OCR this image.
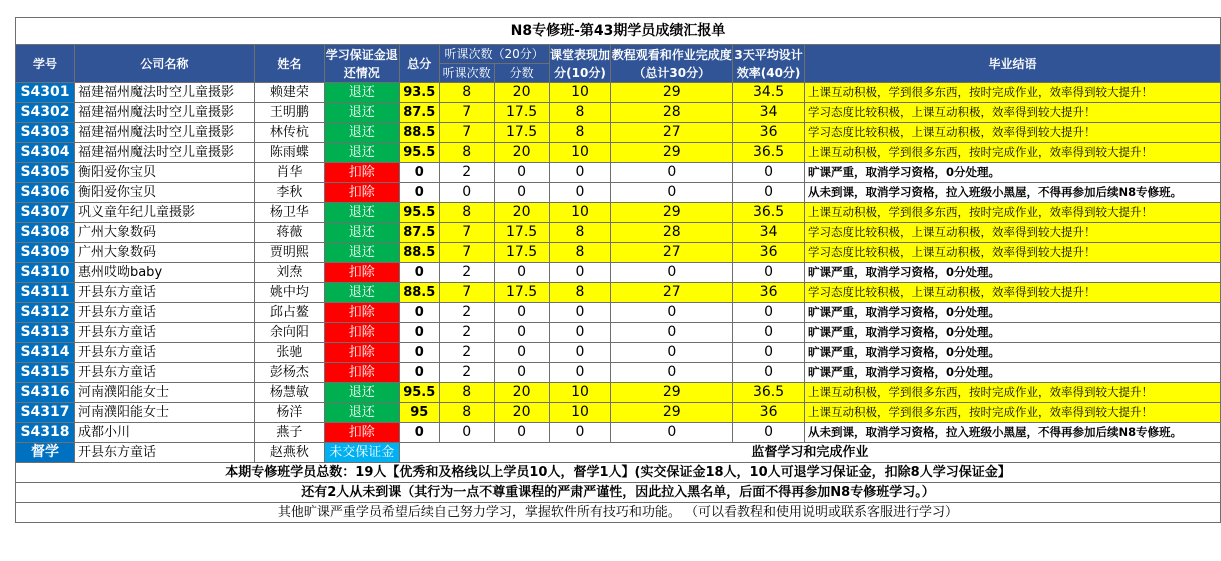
N8专修班-第43期学员成绩汇报单										
学号	公司名称	姓名	学习保证金退还情况	总分	听课次数（20分）		课堂表现加分(10分)	教程观看和作业完成度（总计30分）	3天平均设计效率(40分)	毕业结语
					听课次数	分数				
S4301	福建福州魔法时空儿童摄影	赖建荣	退还	93.5	8	20	10	29	34.5	上课互动积极，学到很多东西，按时完成作业，效率得到较大提升！
S4302	福建福州魔法时空儿童摄影	王明鹏	退还	87.5	7	17.5	8	28	34	学习态度比较积极，上课互动积极，效率得到较大提升！
S4303	福建福州魔法时空儿童摄影	林传杭	退还	88.5	7	17.5	8	27	36	学习态度比较积极，上课互动积极，效率得到较大提升！
S4304	福建福州魔法时空儿童摄影	陈雨蝶	退还	95.5	8	20	10	29	36.5	上课互动积极，学到很多东西，按时完成作业，效率得到较大提升！
S4305	衡阳爱你宝贝	肖华	扣除	0	2	0	0	0	0	旷课严重，取消学习资格，0分处理。
S4306	衡阳爱你宝贝	李秋	扣除	0	0	0	0	0	0	从未到课，取消学习资格，拉入班级小黑屋，不得再参加后续N8专修班。
S4307	巩义童年纪儿童摄影	杨卫华	退还	95.5	8	20	10	29	36.5	上课互动积极，学到很多东西，按时完成作业，效率得到较大提升！
S4308	广州大象数码	蒋薇	退还	87.5	7	17.5	8	28	34	学习态度比较积极，上课互动积极，效率得到较大提升！
S4309	广州大象数码	贾明熙	退还	88.5	7	17.5	8	27	36	学习态度比较积极，上课互动积极，效率得到较大提升！
S4310	惠州哎呦baby	刘焘	扣除	0	2	0	0	0	0	旷课严重，取消学习资格，0分处理。
S4311	开县东方童话	姚中均	退还	88.5	7	17.5	8	27	36	学习态度比较积极，上课互动积极，效率得到较大提升！
S4312	开县东方童话	邱占鳌	扣除	0	2	0	0	0	0	旷课严重，取消学习资格，0分处理。
S4313	开县东方童话	余向阳	扣除	0	2	0	0	0	0	旷课严重，取消学习资格，0分处理。
S4314	开县东方童话	张驰	扣除	0	2	0	0	0	0	旷课严重，取消学习资格，0分处理。
S4315	开县东方童话	彭杨杰	扣除	0	2	0	0	0	0	旷课严重，取消学习资格，0分处理。
S4316	河南濮阳能女士	杨慧敏	退还	95.5	8	20	10	29	36.5	上课互动积极，学到很多东西，按时完成作业，效率得到较大提升！
S4317	河南濮阳能女士	杨洋	退还	95	8	20	10	29	36	上课互动积极，学到很多东西，按时完成作业，效率得到较大提升！
S4318	成都小川	燕子	扣除	0	0	0	0	0	0	从未到课，取消学习资格，拉入班级小黑屋，不得再参加后续N8专修班。
督学	开县东方童话	赵燕秋	未交保证金	监督学习和完成作业						
本期专修班学员总数：19人【优秀和及格线以上学员10人，督学1人】(实交保证金18人，10人可退学习保证金，扣除8人学习保证金】										
还有2人从未到课（其行为一点不尊重课程的严肃严谨性，因此拉入黑名单，后面不得再参加N8专修班学习。）										
其他旷课严重学员希望后续自己努力学习，掌握软件所有技巧和功能。 （可以看教程和使用说明或联系客服进行学习）										
